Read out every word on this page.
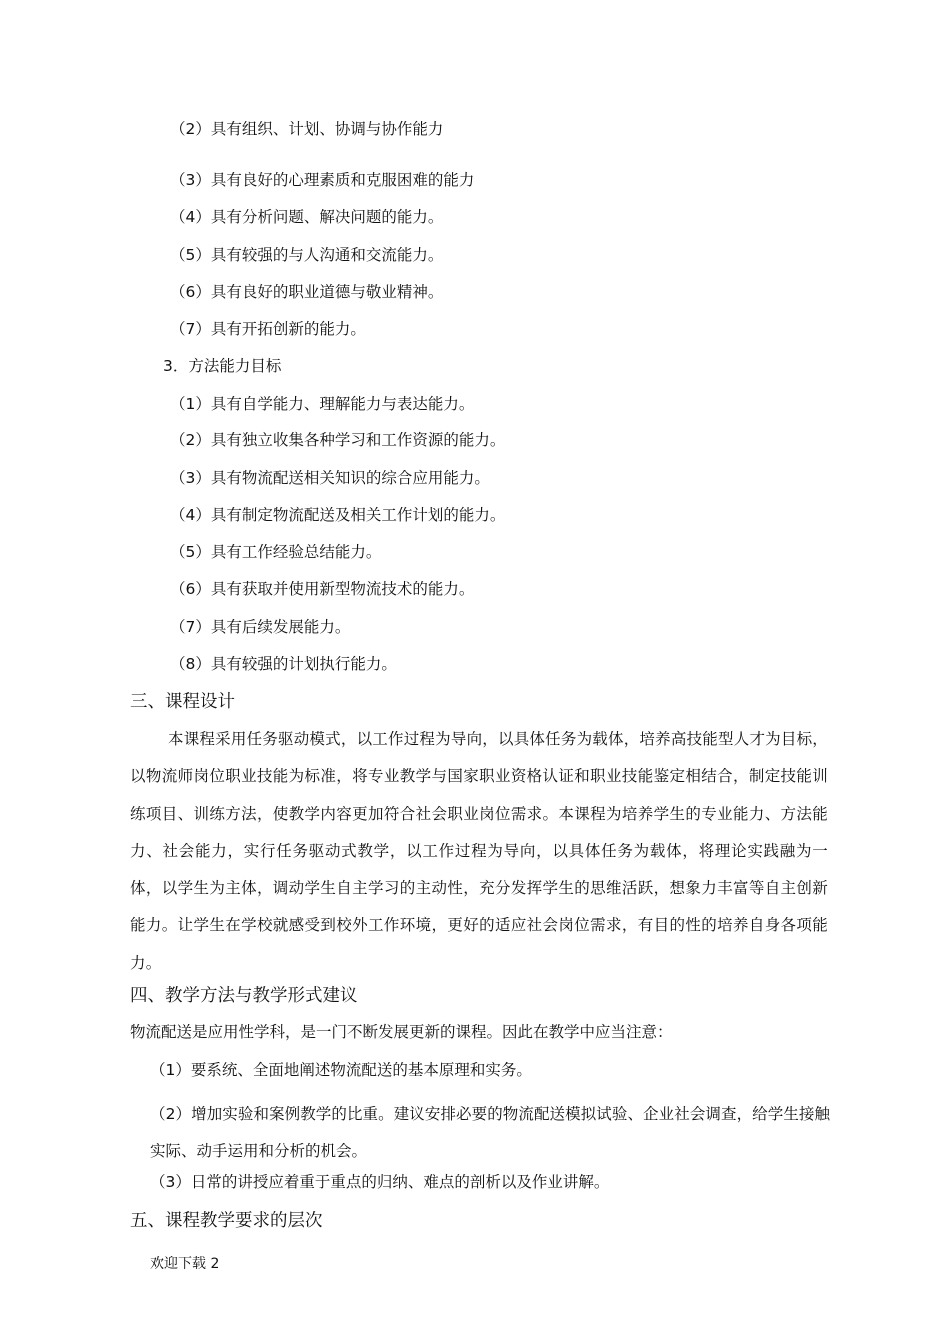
（2）具有组织、计划、协调与协作能力
（3）具有良好的心理素质和克服困难的能力
（4）具有分析问题、解决问题的能力。
（5）具有较强的与人沟通和交流能力。
（6）具有良好的职业道德与敬业精神。
（7）具有开拓创新的能力。
3．方法能力目标
（1）具有自学能力、理解能力与表达能力。
（2）具有独立收集各种学习和工作资源的能力。
（3）具有物流配送相关知识的综合应用能力。
（4）具有制定物流配送及相关工作计划的能力。
（5）具有工作经验总结能力。
（6）具有获取并使用新型物流技术的能力。
（7）具有后续发展能力。
（8）具有较强的计划执行能力。
三、课程设计
本课程采用任务驱动模式，以工作过程为导向，以具体任务为载体，培养高技能型人才为目标，以物流师岗位职业技能为标准，将专业教学与国家职业资格认证和职业技能鉴定相结合，制定技能训练项目、训练方法，使教学内容更加符合社会职业岗位需求。本课程为培养学生的专业能力、方法能力、社会能力，实行任务驱动式教学，以工作过程为导向，以具体任务为载体，将理论实践融为一体，以学生为主体，调动学生自主学习的主动性，充分发挥学生的思维活跃，想象力丰富等自主创新能力。让学生在学校就感受到校外工作环境，更好的适应社会岗位需求，有目的性的培养自身各项能力。
四、教学方法与教学形式建议
物流配送是应用性学科，是一门不断发展更新的课程。因此在教学中应当注意：
（1）要系统、全面地阐述物流配送的基本原理和实务。
（2）增加实验和案例教学的比重。建议安排必要的物流配送模拟试验、企业社会调查，给学生接触实际、动手运用和分析的机会。
（3）日常的讲授应着重于重点的归纳、难点的剖析以及作业讲解。
五、课程教学要求的层次
欢迎下载 2
